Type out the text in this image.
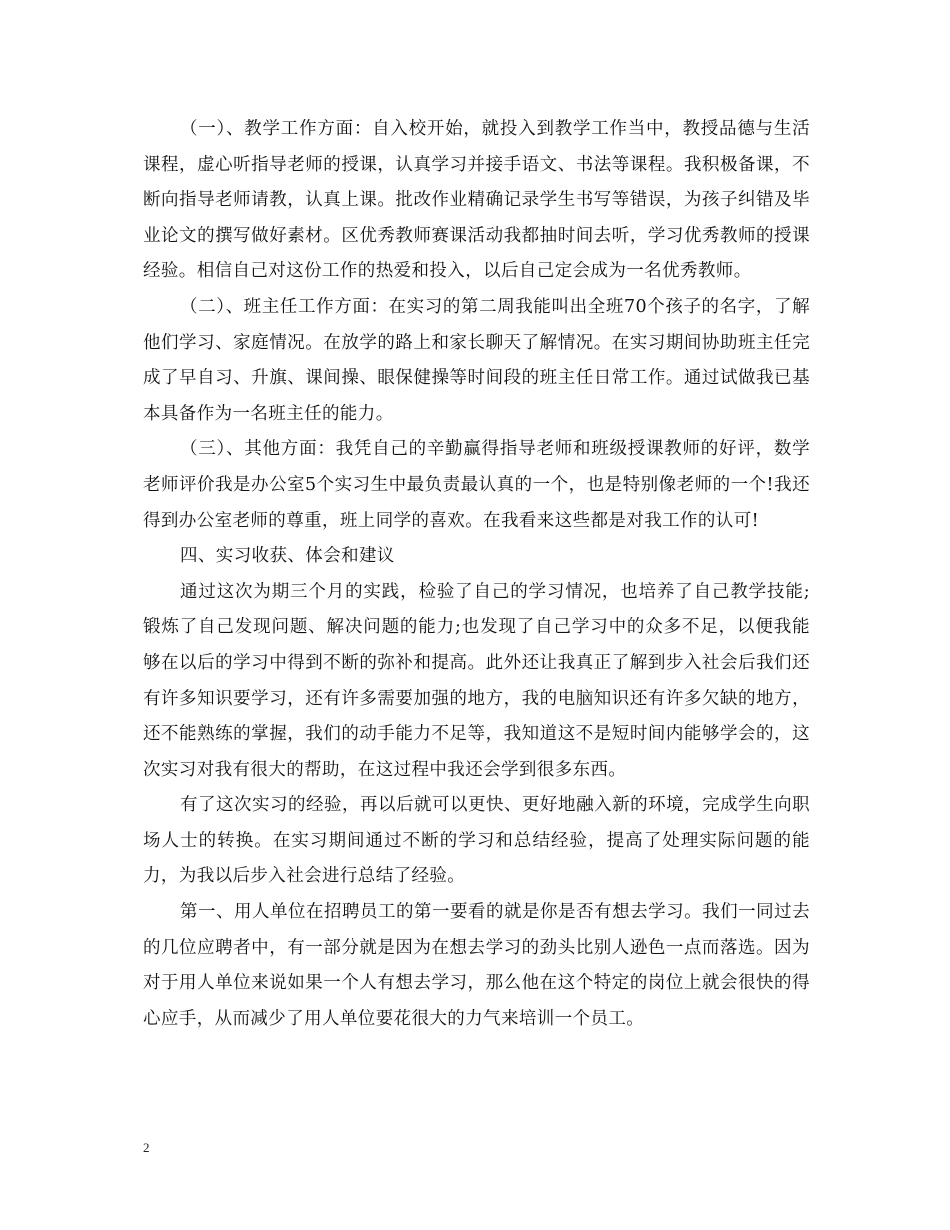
（一）、教学工作方面：自入校开始，就投入到教学工作当中，教授品德与生活课程，虚心听指导老师的授课，认真学习并接手语文、书法等课程。我积极备课，不断向指导老师请教，认真上课。批改作业精确记录学生书写等错误，为孩子纠错及毕业论文的撰写做好素材。区优秀教师赛课活动我都抽时间去听，学习优秀教师的授课经验。相信自己对这份工作的热爱和投入，以后自己定会成为一名优秀教师。

（二）、班主任工作方面：在实习的第二周我能叫出全班70个孩子的名字，了解他们学习、家庭情况。在放学的路上和家长聊天了解情况。在实习期间协助班主任完成了早自习、升旗、课间操、眼保健操等时间段的班主任日常工作。通过试做我已基本具备作为一名班主任的能力。

（三）、其他方面：我凭自己的辛勤赢得指导老师和班级授课教师的好评，数学老师评价我是办公室5个实习生中最负责最认真的一个，也是特别像老师的一个!我还得到办公室老师的尊重，班上同学的喜欢。在我看来这些都是对我工作的认可!

四、实习收获、体会和建议

通过这次为期三个月的实践，检验了自己的学习情况，也培养了自己教学技能;锻炼了自己发现问题、解决问题的能力;也发现了自己学习中的众多不足，以便我能够在以后的学习中得到不断的弥补和提高。此外还让我真正了解到步入社会后我们还有许多知识要学习，还有许多需要加强的地方，我的电脑知识还有许多欠缺的地方，还不能熟练的掌握，我们的动手能力不足等，我知道这不是短时间内能够学会的，这次实习对我有很大的帮助，在这过程中我还会学到很多东西。

有了这次实习的经验，再以后就可以更快、更好地融入新的环境，完成学生向职场人士的转换。在实习期间通过不断的学习和总结经验，提高了处理实际问题的能力，为我以后步入社会进行总结了经验。

第一、用人单位在招聘员工的第一要看的就是你是否有想去学习。我们一同过去的几位应聘者中，有一部分就是因为在想去学习的劲头比别人逊色一点而落选。因为对于用人单位来说如果一个人有想去学习，那么他在这个特定的岗位上就会很快的得心应手，从而减少了用人单位要花很大的力气来培训一个员工。

2
